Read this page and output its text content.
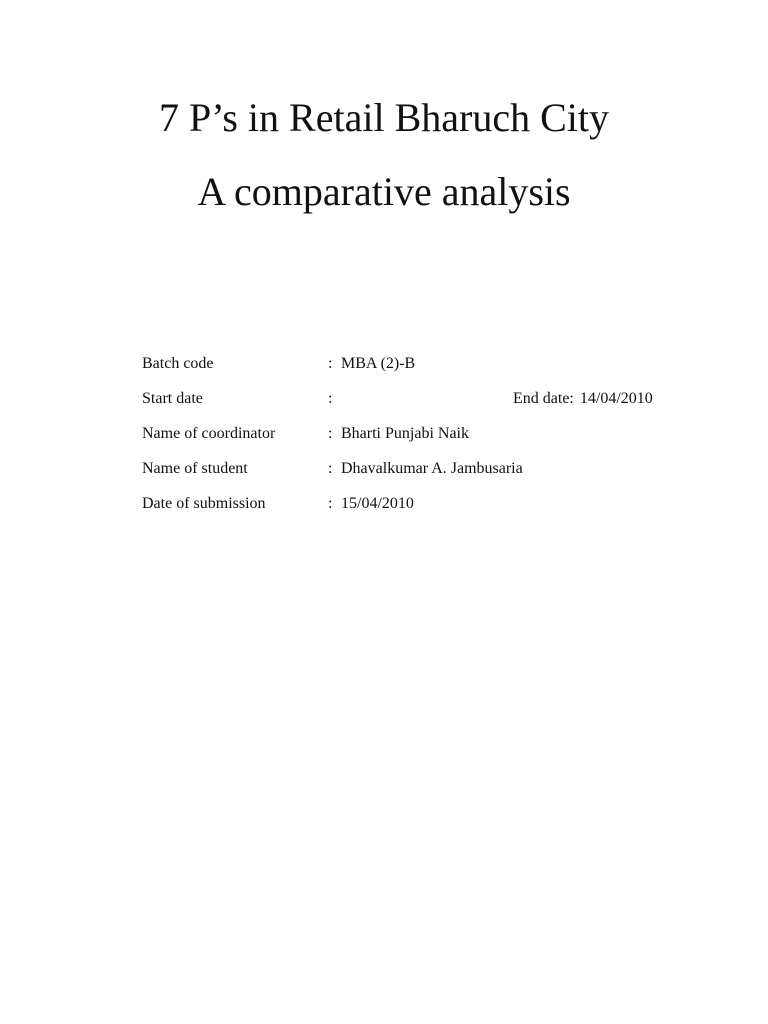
7 P’s in Retail Bharuch City
A comparative analysis
Batch code	: MBA (2)-B
Start date	:	End date: 14/04/2010
Name of coordinator	: Bharti Punjabi Naik
Name of student	: Dhavalkumar A. Jambusaria
Date of submission	: 15/04/2010
